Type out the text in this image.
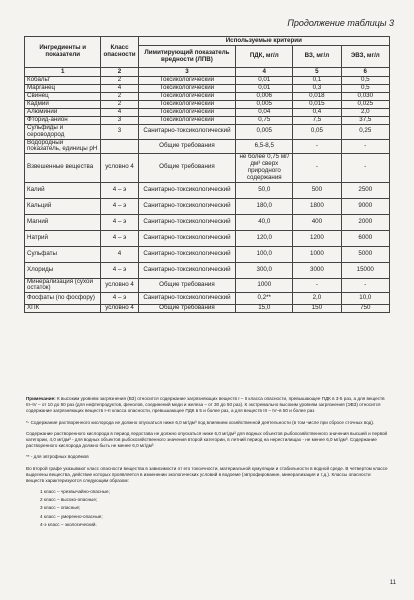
Продолжение таблицы 3
Ингредиенты и показатели	Класс опасности	Используемые критерии			
		Лимитирующий показатель вредности (ЛПВ)	ПДК, мг/л	ВЗ, мг/л	ЭВЗ, мг/л
1	2	3	4	5	6
Кобальт	2	Токсикологический	0,01	0,1	0,5
Марганец	4	Токсикологический	0,01	0,3	0,5
Свинец	2	Токсикологический	0,006	0,018	0,030
Кадмий	2	Токсикологический	0,005	0,015	0,025
Алюминий	4	Токсикологический	0,04	0,4	2,0
Фторид-анион	3	Токсикологический	0,75	7,5	37,5
Сульфиды и сероводород	3	Санитарно-токсикологический	0,005	0,05	0,25
Водородный показатель, единицы pH		Общие требования	6,5-8,5	-	-
Взвешенные вещества	условно 4	Общие требования	не более 0,75 мг/дм³ сверх природного содержания	-	-
Калий	4 – э	Санитарно-токсикологический	50,0	500	2500
Кальций	4 – э	Санитарно-токсикологический	180,0	1800	9000
Магний	4 – э	Санитарно-токсикологический	40,0	400	2000
Натрий	4 – э	Санитарно-токсикологический	120,0	1200	6000
Сульфаты	4	Санитарно-токсикологический	100,0	1000	5000
Хлориды	4 – э	Санитарно-токсикологический	300,0	3000	15000
Минерализация (сухой остаток)	условно 4	Общие требования	1000	-	-
Фосфаты (по фосфору)	4 – э	Санитарно-токсикологический	0,2**	2,0	10,0
ХПК	условно 4	Общие требования	15,0	150	750

Примечание: К высоким уровням загрязнения (ВЗ) относится содержание загрязняющих веществ I – II класса опасности, превышающее ПДК в 3-5 раз, а для веществ III–IV – от 10 до 50 раз (для нефтепродуктов, фенолов, соединений меди и железа – от 30 до 50 раз). К экстремально высоким уровням загрязнения (ЭВЗ) относится содержание загрязняющих веществ I–II класса опасности, превышающее ПДК в 5 и более раз, а для веществ III – IV–в 50 и более раз

*- Содержание растворенного кислорода не должно опускаться ниже 6,0 мг/дм³ под влиянием хозяйственной деятельности (в том числе при сбросе сточных вод).

Содержание растворенного кислорода в период ледостава не должно опускаться ниже 6,0 мг/дм³ для водных объектов рыбохозяйственного значения высшей и первой категории, 4,0 мг/дм³ - для водных объектов рыбохозяйственного значения второй категории, в летний период на нерестилищах - не менее 6,0 мг/дм³. Содержание растворенного кислорода должно быть не менее 6,0 мг/дм³

** - для эвтрофных водоёмов

Во второй графе указывают класс опасности вещества в зависимости от его токсичности, материальной кумуляции и стабильности в водной среде. В четвертом классе выделены вещества, действие которых проявляется в изменении экологических условий в водоеме (эвтрофирование, минерализация и т.д.). Классы опасности веществ характеризуются следующим образом:

1 класс – чрезвычайно-опасные;
2 класс – высоко-опасные;
3 класс – опасные;
4 класс – умеренно-опасные;
4-э класс – экологический.
11
